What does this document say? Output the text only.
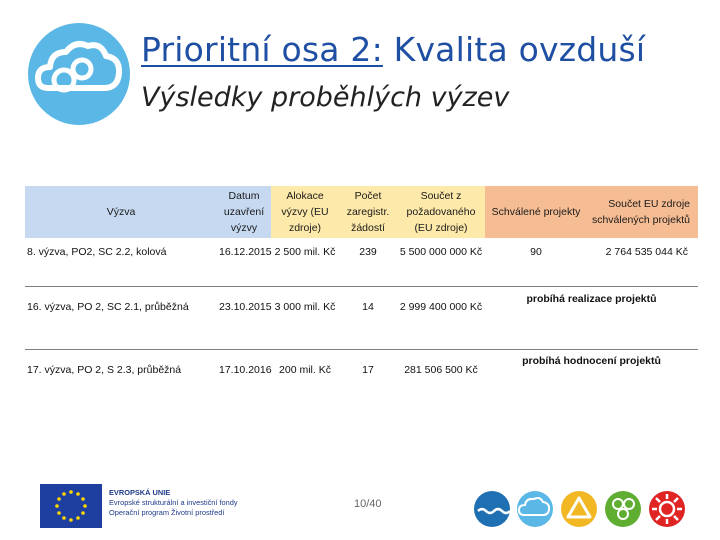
Prioritní osa 2: Kvalita ovzduší
Výsledky proběhlých výzev
Výzva	Datum uzavření výzvy	Alokace výzvy (EU zdroje)	Počet zaregistr. žádostí	Součet z požadovaného (EU zdroje)	Schválené projekty	Součet EU zdroje schválených projektů
8. výzva, PO2, SC 2.2, kolová	16.12.2015	2 500 mil. Kč	239	5 500 000 000 Kč	90	2 764 535 044 Kč
16. výzva, PO 2, SC 2.1, průběžná	23.10.2015	3 000 mil. Kč	14	2 999 400 000 Kč	probíhá realizace projektů	
17. výzva, PO 2, S 2.3, průběžná	17.10.2016	200 mil. Kč	17	281 506 500 Kč	probíhá hodnocení projektů	
EVROPSKÁ UNIE
Evropské strukturální a investiční fondy
Operační program Životní prostředí
10/40
